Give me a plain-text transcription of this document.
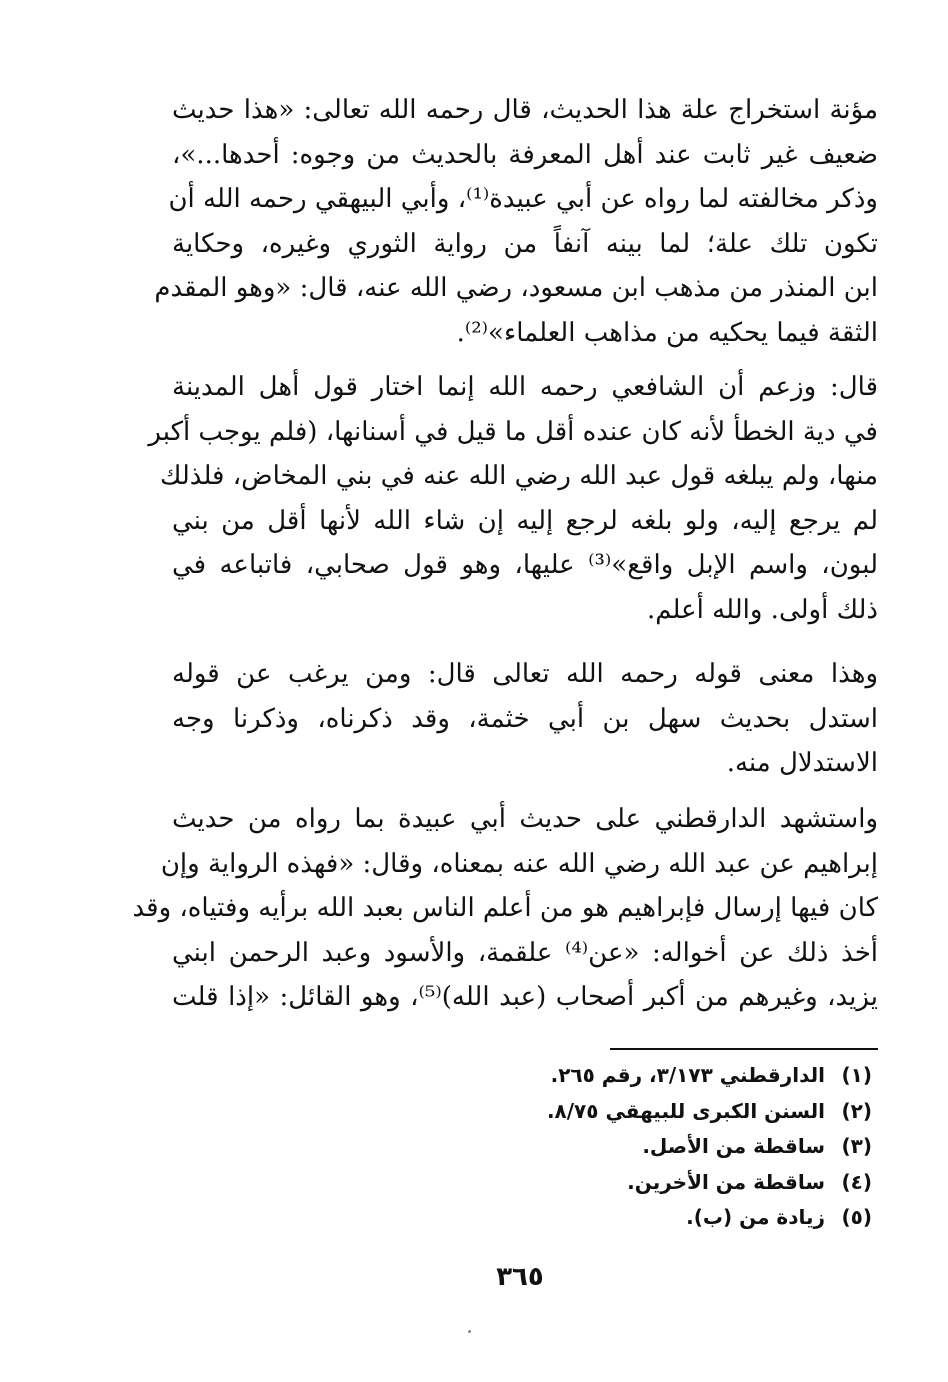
مؤنة استخراج علة هذا الحديث، قال رحمه الله تعالى: «هذا حديث
ضعيف غير ثابت عند أهل المعرفة بالحديث من وجوه: أحدها...»،
وذكر مخالفته لما رواه عن أبي عبيدة⁽¹⁾، وأبي البيهقي رحمه الله أن
تكون تلك علة؛ لما بينه آنفاً من رواية الثوري وغيره، وحكاية
ابن المنذر من مذهب ابن مسعود، رضي الله عنه، قال: «وهو المقدم
الثقة فيما يحكيه من مذاهب العلماء»⁽²⁾.

قال: وزعم أن الشافعي رحمه الله إنما اختار قول أهل المدينة
في دية الخطأ لأنه كان عنده أقل ما قيل في أسنانها، (فلم يوجب أكبر
منها، ولم يبلغه قول عبد الله رضي الله عنه في بني المخاض، فلذلك
لم يرجع إليه، ولو بلغه لرجع إليه إن شاء الله لأنها أقل من بني
لبون، واسم الإبل واقع»⁽³⁾ عليها، وهو قول صحابي، فاتباعه في
ذلك أولى. والله أعلم.

وهذا معنى قوله رحمه الله تعالى قال: ومن يرغب عن قوله
استدل بحديث سهل بن أبي خثمة، وقد ذكرناه، وذكرنا وجه
الاستدلال منه.

واستشهد الدارقطني على حديث أبي عبيدة بما رواه من حديث
إبراهيم عن عبد الله رضي الله عنه بمعناه، وقال: «فهذه الرواية وإن
كان فيها إرسال فإبراهيم هو من أعلم الناس بعبد الله برأيه وفتياه، وقد
أخذ ذلك عن أخواله: «عن⁽⁴⁾ علقمة، والأسود وعبد الرحمن ابني
يزيد، وغيرهم من أكبر أصحاب (عبد الله)⁽⁵⁾، وهو القائل: «إذا قلت

(١) الدارقطني ٣/١٧٣، رقم ٢٦٥.
(٢) السنن الكبرى للبيهقي ٨/٧٥.
(٣) ساقطة من الأصل.
(٤) ساقطة من الأخرين.
(٥) زيادة من (ب).
٣٦٥
